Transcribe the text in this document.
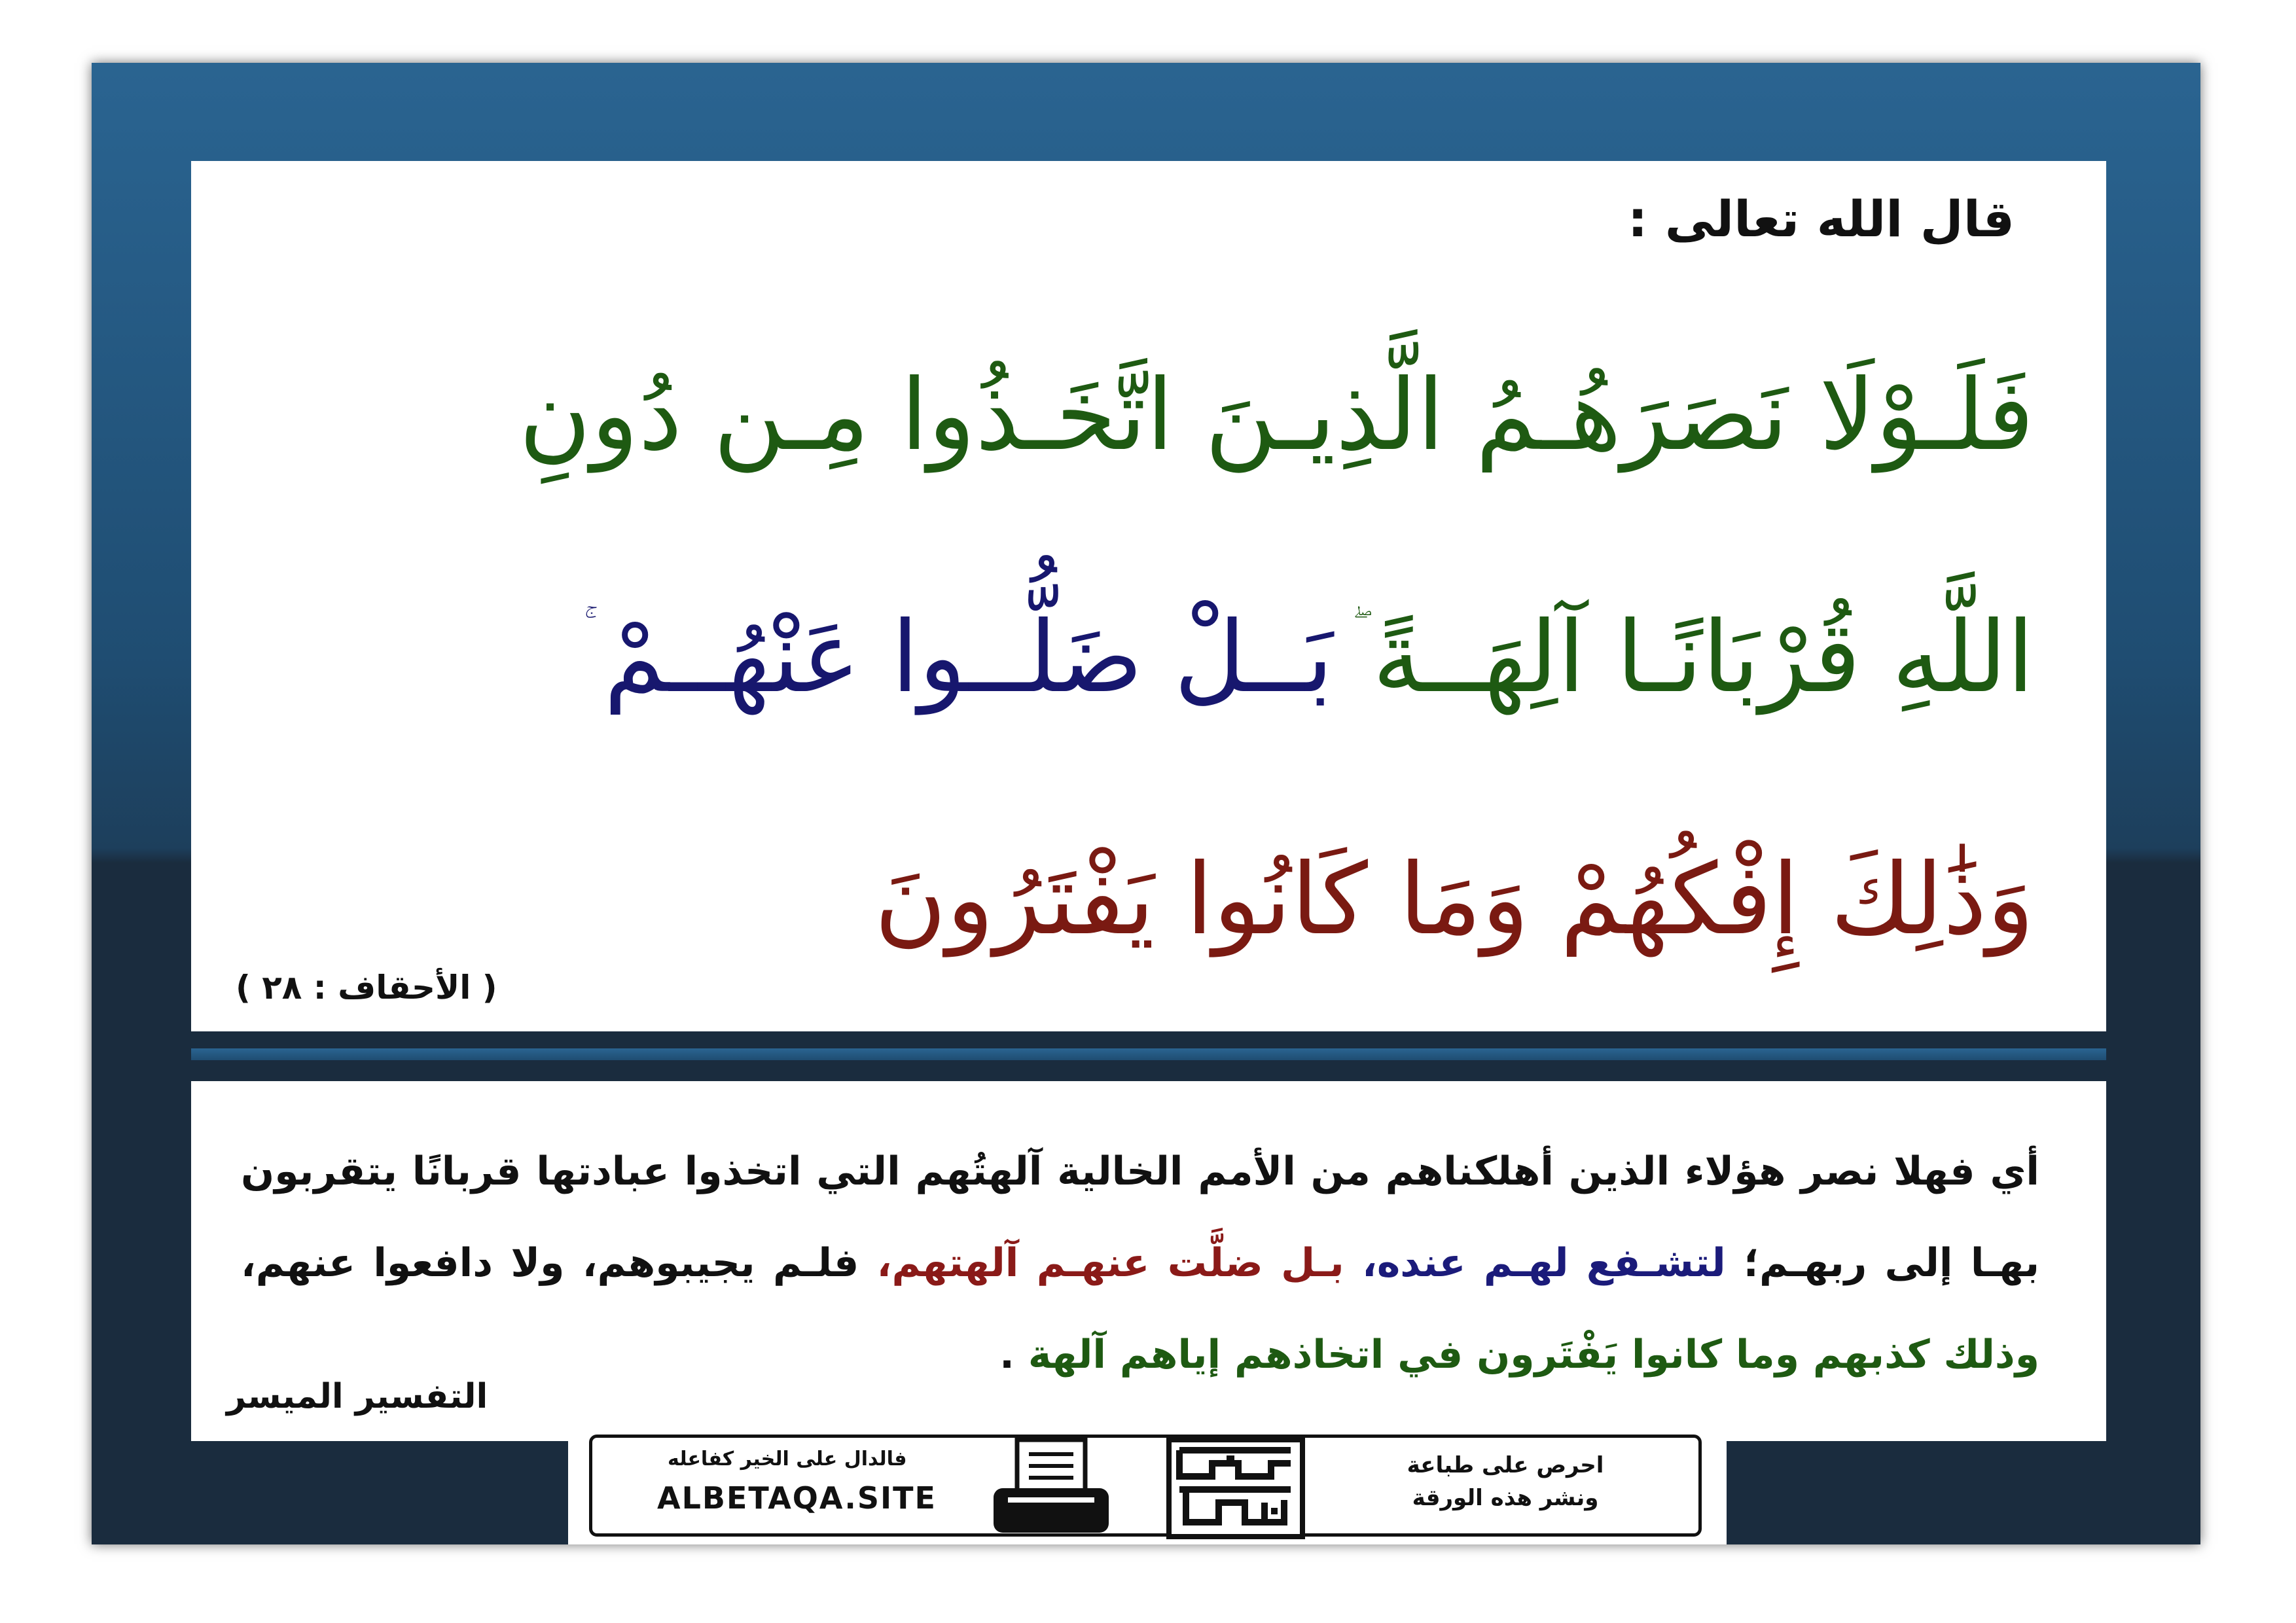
قال الله تعالى :
فَلَـوْلَا نَصَرَهُـمُ الَّذِيـنَ اتَّخَـذُوا مِـن دُونِ
اللَّهِ قُرْبَانًـا آلِهَــةًبَــلْ ضَلُّــوا عَنْهُــمْ
وَذَٰلِكَ إِفْكُهُمْ وَمَا كَانُوا يَفْتَرُونَ
( الأحقاف : ٢٨ )
أي فهلا نصر هؤلاء الذين أهلكناهم من الأمم الخالية آلهتُهم التي اتخذوا عبادتها قربانًا يتقربون بهـا إلى ربهـم؛ لتشـفع لهـم عنده، بـل ضلَّت عنهـم آلهتهم، فلـم يجيبوهم، ولا دافعوا عنهم، وذلك كذبهم وما كانوا يَفْتَرون في اتخاذهم إياهم آلهة .
التفسير الميسر
فالدال على الخير كفاعله
ALBETAQA.SITE
احرص على طباعة
ونشر هذه الورقة
